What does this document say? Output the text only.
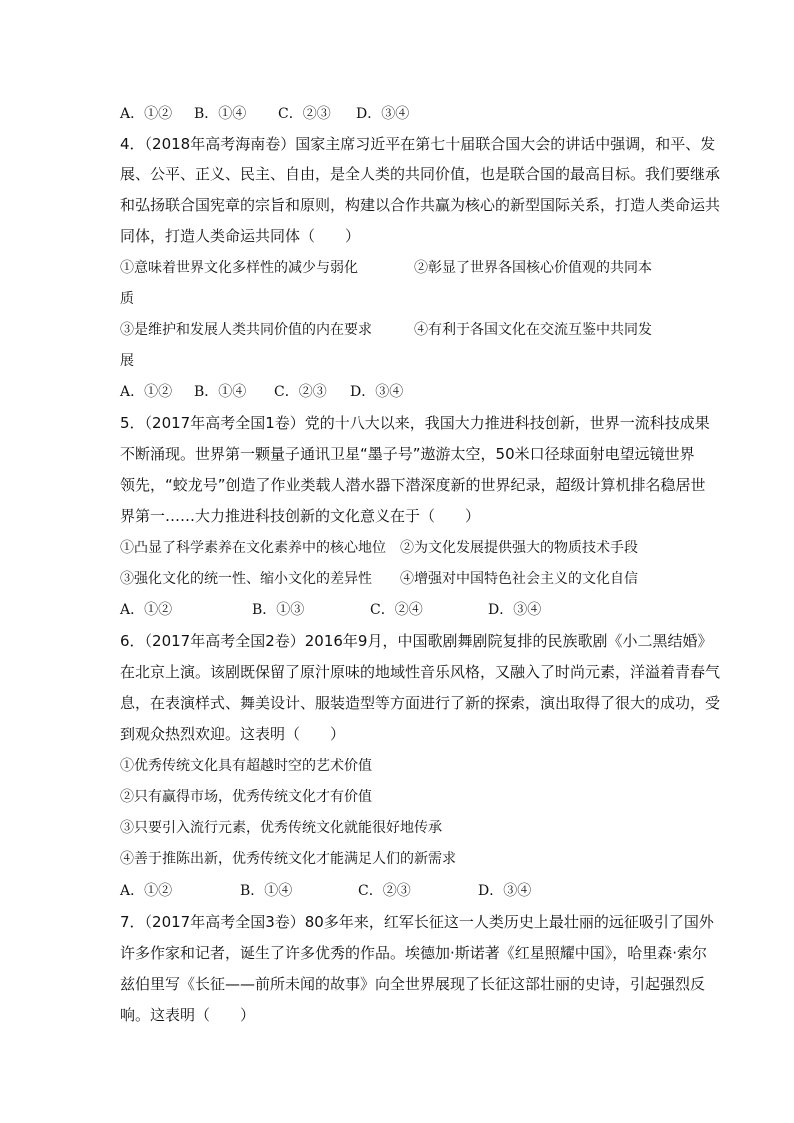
A．①② B．①④ C．②③ D．③④
4．（2018年高考海南卷）国家主席习近平在第七十届联合国大会的讲话中强调，和平、发
展、公平、正义、民主、自由，是全人类的共同价值，也是联合国的最高目标。我们要继承
和弘扬联合国宪章的宗旨和原则，构建以合作共赢为核心的新型国际关系，打造人类命运共
同体，打造人类命运共同体（　　）
①意味着世界文化多样性的减少与弱化　　　　②彰显了世界各国核心价值观的共同本
质
③是维护和发展人类共同价值的内在要求　　　④有利于各国文化在交流互鉴中共同发
展
A．①② B．①④ C．②③ D．③④
5．（2017年高考全国1卷）党的十八大以来，我国大力推进科技创新，世界一流科技成果
不断涌现。世界第一颗量子通讯卫星“墨子号”遨游太空，50米口径球面射电望远镜世界
领先，“蛟龙号”创造了作业类载人潜水器下潜深度新的世界纪录，超级计算机排名稳居世
界第一……大力推进科技创新的文化意义在于（　　）
①凸显了科学素养在文化素养中的核心地位　②为文化发展提供强大的物质技术手段
③强化文化的统一性、缩小文化的差异性　　④增强对中国特色社会主义的文化自信
A．①②	B．①③	C．②④	D．③④
6．（2017年高考全国2卷）2016年9月，中国歌剧舞剧院复排的民族歌剧《小二黑结婚》
在北京上演。该剧既保留了原汁原味的地域性音乐风格，又融入了时尚元素，洋溢着青春气
息，在表演样式、舞美设计、服装造型等方面进行了新的探索，演出取得了很大的成功，受
到观众热烈欢迎。这表明（　　）
①优秀传统文化具有超越时空的艺术价值
②只有赢得市场，优秀传统文化才有价值
③只要引入流行元素，优秀传统文化就能很好地传承
④善于推陈出新，优秀传统文化才能满足人们的新需求
A．①②	B．①④	C．②③	D．③④
7．（2017年高考全国3卷）80多年来，红军长征这一人类历史上最壮丽的远征吸引了国外
许多作家和记者，诞生了许多优秀的作品。埃德加·斯诺著《红星照耀中国》，哈里森·索尔
兹伯里写《长征——前所未闻的故事》向全世界展现了长征这部壮丽的史诗，引起强烈反
响。这表明（　　）
